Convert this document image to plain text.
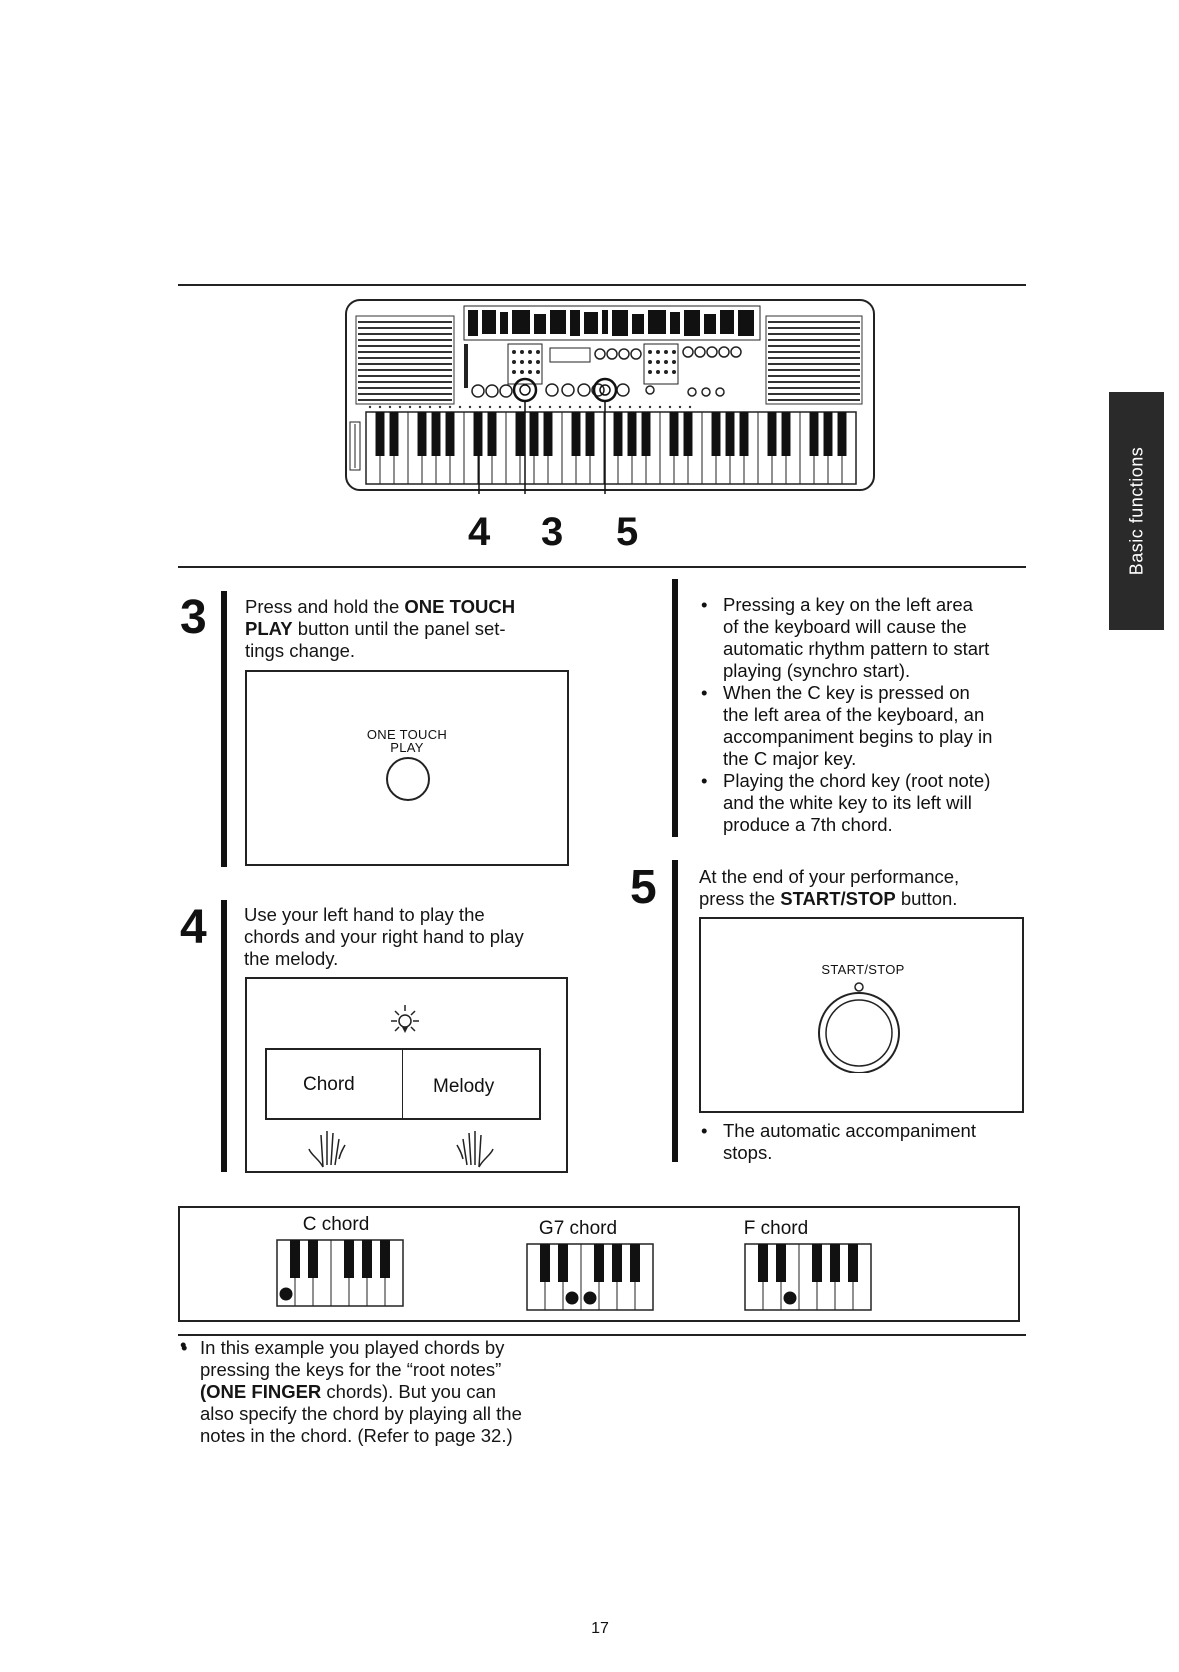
Basic functions
4 3 5
3 Press and hold the ONE TOUCH
PLAY button until the panel set-
tings change.
ONE TOUCH
PLAY
4 Use your left hand to play the
chords and your right hand to play
the melody.
Chord	Melody
• Pressing a key on the left area
of the keyboard will cause the
automatic rhythm pattern to start
playing (synchro start).
• When the C key is pressed on
the left area of the keyboard, an
accompaniment begins to play in
the C major key.
• Playing the chord key (root note)
and the white key to its left will
produce a 7th chord.
5 At the end of your performance,
press the START/STOP button.
START/STOP
• The automatic accompaniment
stops.
C chord	G7 chord	F chord
In this example you played chords by
pressing the keys for the “root notes”
(ONE FINGER chords). But you can
also specify the chord by playing all the
notes in the chord. (Refer to page 32.)
•
17
